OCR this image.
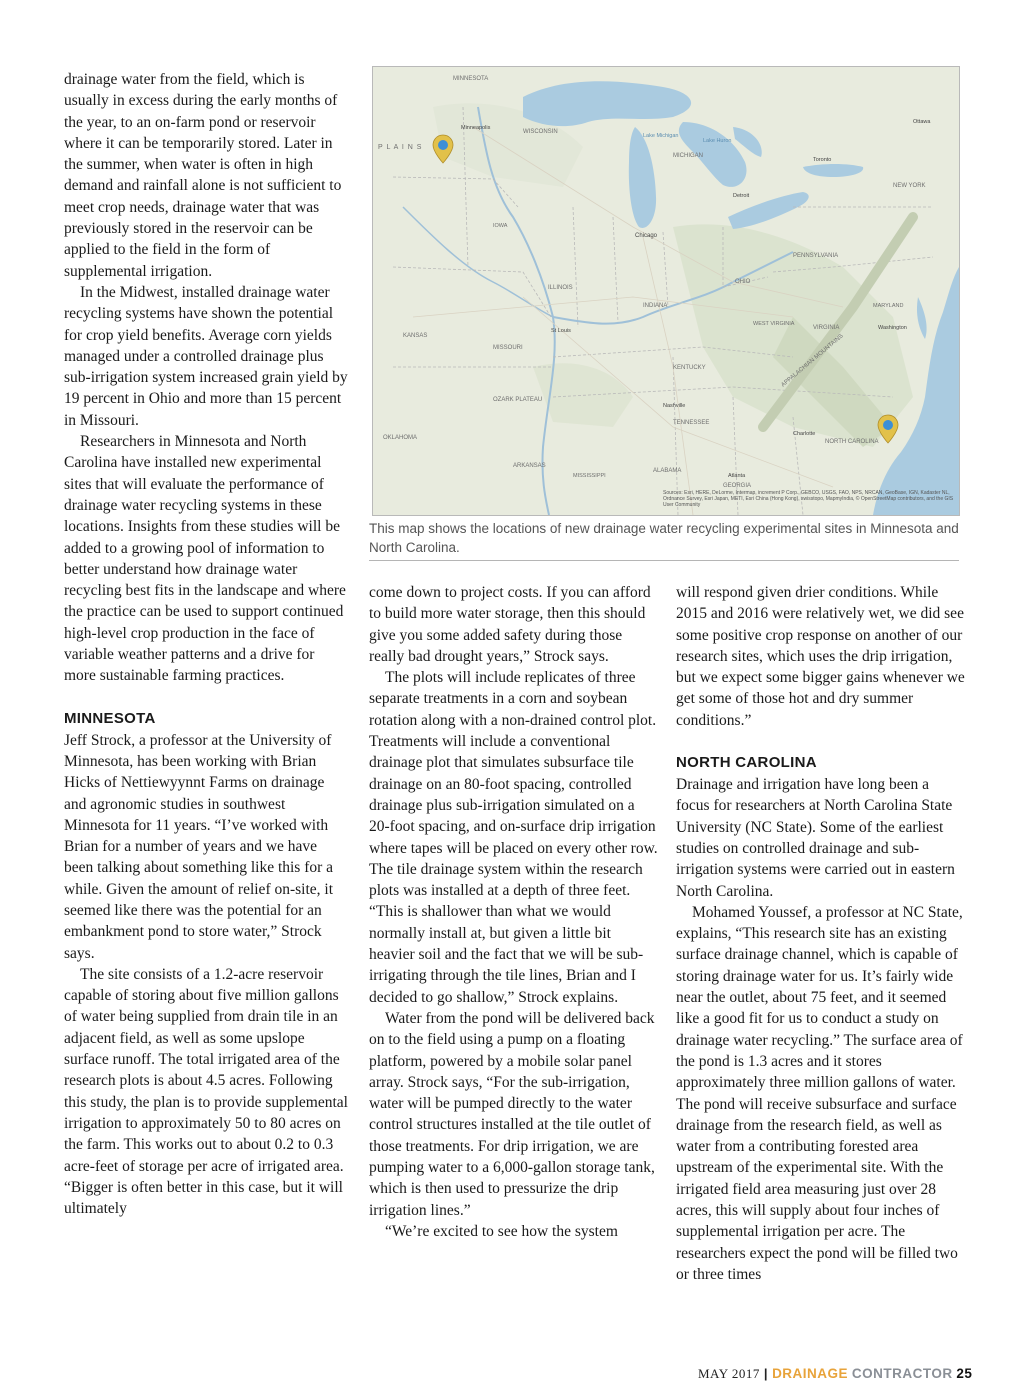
drainage water from the field, which is usually in excess during the early months of the year, to an on-farm pond or reservoir where it can be temporarily stored. Later in the summer, when water is often in high demand and rainfall alone is not sufficient to meet crop needs, drainage water that was previously stored in the reservoir can be applied to the field in the form of supplemental irrigation.

In the Midwest, installed drainage water recycling systems have shown the potential for crop yield benefits. Average corn yields managed under a controlled drainage plus sub-irrigation system increased grain yield by 19 percent in Ohio and more than 15 percent in Missouri.

Researchers in Minnesota and North Carolina have installed new experimental sites that will evaluate the performance of drainage water recycling systems in these locations. Insights from these studies will be added to a growing pool of information to better understand how drainage water recycling best fits in the landscape and where the practice can be used to support continued high-level crop production in the face of variable weather patterns and a drive for more sustainable farming practices.

MINNESOTA

Jeff Strock, a professor at the University of Minnesota, has been working with Brian Hicks of Nettiewyynnt Farms on drainage and agronomic studies in southwest Minnesota for 11 years. “I’ve worked with Brian for a number of years and we have been talking about something like this for a while. Given the amount of relief on-site, it seemed like there was the potential for an embankment pond to store water,” Strock says.

The site consists of a 1.2-acre reservoir capable of storing about five million gallons of water being supplied from drain tile in an adjacent field, as well as some upslope surface runoff. The total irrigated area of the research plots is about 4.5 acres. Following this study, the plan is to provide supplemental irrigation to approximately 50 to 80 acres on the farm. This works out to about 0.2 to 0.3 acre-feet of storage per acre of irrigated area. “Bigger is often better in this case, but it will ultimately

MINNESOTA
WISCONSIN
MICHIGAN
IOWA
ILLINOIS
INDIANA
OHIO
KENTUCKY
TENNESSEE
NORTH CAROLINA
PENNSYLVANIA
NEW YORK
VIRGINIA
WEST VIRGINIA
MISSOURI
ARKANSAS
MISSISSIPPI
ALABAMA
GEORGIA
KANSAS
OKLAHOMA
MARYLAND
P L A I N S
OZARK PLATEAU
APPALACHIAN MOUNTAINS
Lake Michigan
Lake Huron
Chicago
Toronto
Ottawa
Minneapolis
Washington
St Louis
Nashville
Atlanta
Detroit
Charlotte
Sources: Esri, HERE, DeLorme, Intermap, increment P Corp., GEBCO, USGS, FAO, NPS, NRCAN, GeoBase, IGN, Kadaster NL, Ordnance Survey, Esri Japan, METI, Esri China (Hong Kong), swisstopo, MapmyIndia, © OpenStreetMap contributors, and the GIS User Community
This map shows the locations of new drainage water recycling experimental sites in Minnesota and North Carolina.

come down to project costs. If you can afford to build more water storage, then this should give you some added safety during those really bad drought years,” Strock says.

The plots will include replicates of three separate treatments in a corn and soybean rotation along with a non-drained control plot. Treatments will include a conventional drainage plot that simulates subsurface tile drainage on an 80-foot spacing, controlled drainage plus sub-irrigation simulated on a 20-foot spacing, and on-surface drip irrigation where tapes will be placed on every other row. The tile drainage system within the research plots was installed at a depth of three feet. “This is shallower than what we would normally install at, but given a little bit heavier soil and the fact that we will be sub-irrigating through the tile lines, Brian and I decided to go shallow,” Strock explains.

Water from the pond will be delivered back on to the field using a pump on a floating platform, powered by a mobile solar panel array. Strock says, “For the sub-irrigation, water will be pumped directly to the water control structures installed at the tile outlet of those treatments. For drip irrigation, we are pumping water to a 6,000-gallon storage tank, which is then used to pressurize the drip irrigation lines.”

“We’re excited to see how the system

will respond given drier conditions. While 2015 and 2016 were relatively wet, we did see some positive crop response on another of our research sites, which uses the drip irrigation, but we expect some bigger gains whenever we get some of those hot and dry summer conditions.”

NORTH CAROLINA

Drainage and irrigation have long been a focus for researchers at North Carolina State University (NC State). Some of the earliest studies on controlled drainage and sub-irrigation systems were carried out in eastern North Carolina.

Mohamed Youssef, a professor at NC State, explains, “This research site has an existing surface drainage channel, which is capable of storing drainage water for us. It’s fairly wide near the outlet, about 75 feet, and it seemed like a good fit for us to conduct a study on drainage water recycling.” The surface area of the pond is 1.3 acres and it stores approximately three million gallons of water. The pond will receive subsurface and surface drainage from the research field, as well as water from a contributing forested area upstream of the experimental site. With the irrigated field area measuring just over 28 acres, this will supply about four inches of supplemental irrigation per acre. The researchers expect the pond will be filled two or three times

MAY 2017 | DRAINAGE CONTRACTOR 25
